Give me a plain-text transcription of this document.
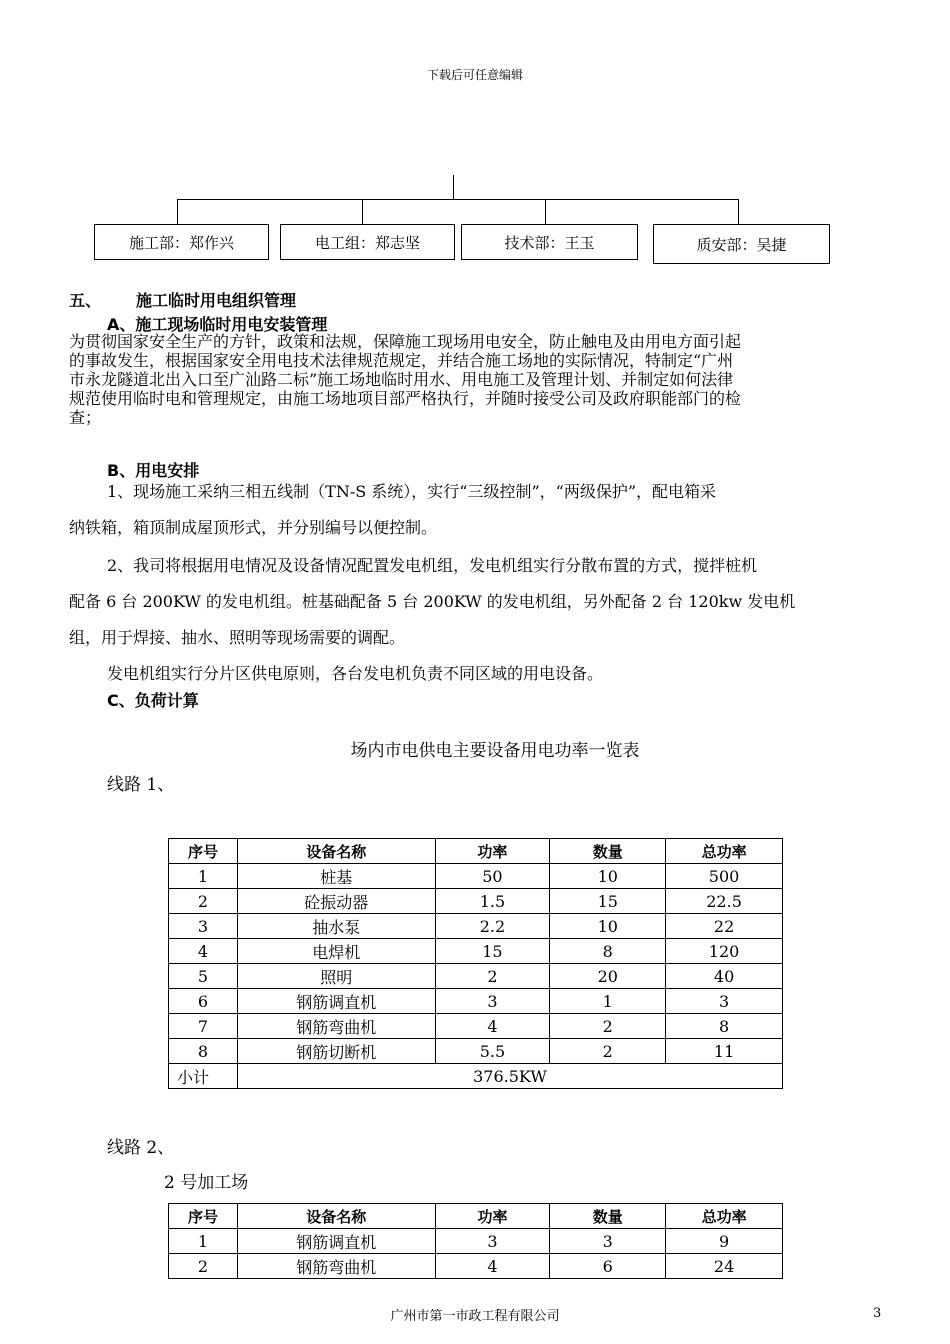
下载后可任意编辑
施工部：郑作兴	电工组：郑志坚	技术部：王玉	质安部：吴捷
五、 施工临时用电组织管理
A、施工现场临时用电安装管理
为贯彻国家安全生产的方针，政策和法规，保障施工现场用电安全，防止触电及由用电方面引起
的事故发生，根据国家安全用电技术法律规范规定，并结合施工场地的实际情况，特制定“广州
市永龙隧道北出入口至广汕路二标”施工场地临时用水、用电施工及管理计划、并制定如何法律
规范使用临时电和管理规定，由施工场地项目部严格执行，并随时接受公司及政府职能部门的检
查；
B、用电安排
1、现场施工采纳三相五线制（TN-S 系统），实行“三级控制”，“两级保护”，配电箱采
纳铁箱，箱顶制成屋顶形式，并分别编号以便控制。
2、我司将根据用电情况及设备情况配置发电机组，发电机组实行分散布置的方式，搅拌桩机
配备 6 台 200KW 的发电机组。桩基础配备 5 台 200KW 的发电机组，另外配备 2 台 120kw 发电机
组，用于焊接、抽水、照明等现场需要的调配。
发电机组实行分片区供电原则，各台发电机负责不同区域的用电设备。
C、负荷计算
场内市电供电主要设备用电功率一览表
线路 1、
序号	设备名称	功率	数量	总功率
1	桩基	50	10	500
2	砼振动器	1.5	15	22.5
3	抽水泵	2.2	10	22
4	电焊机	15	8	120
5	照明	2	20	40
6	钢筋调直机	3	1	3
7	钢筋弯曲机	4	2	8
8	钢筋切断机	5.5	2	11
小计	376.5KW			
线路 2、
2 号加工场
序号	设备名称	功率	数量	总功率
1	钢筋调直机	3	3	9
2	钢筋弯曲机	4	6	24
广州市第一市政工程有限公司	3
